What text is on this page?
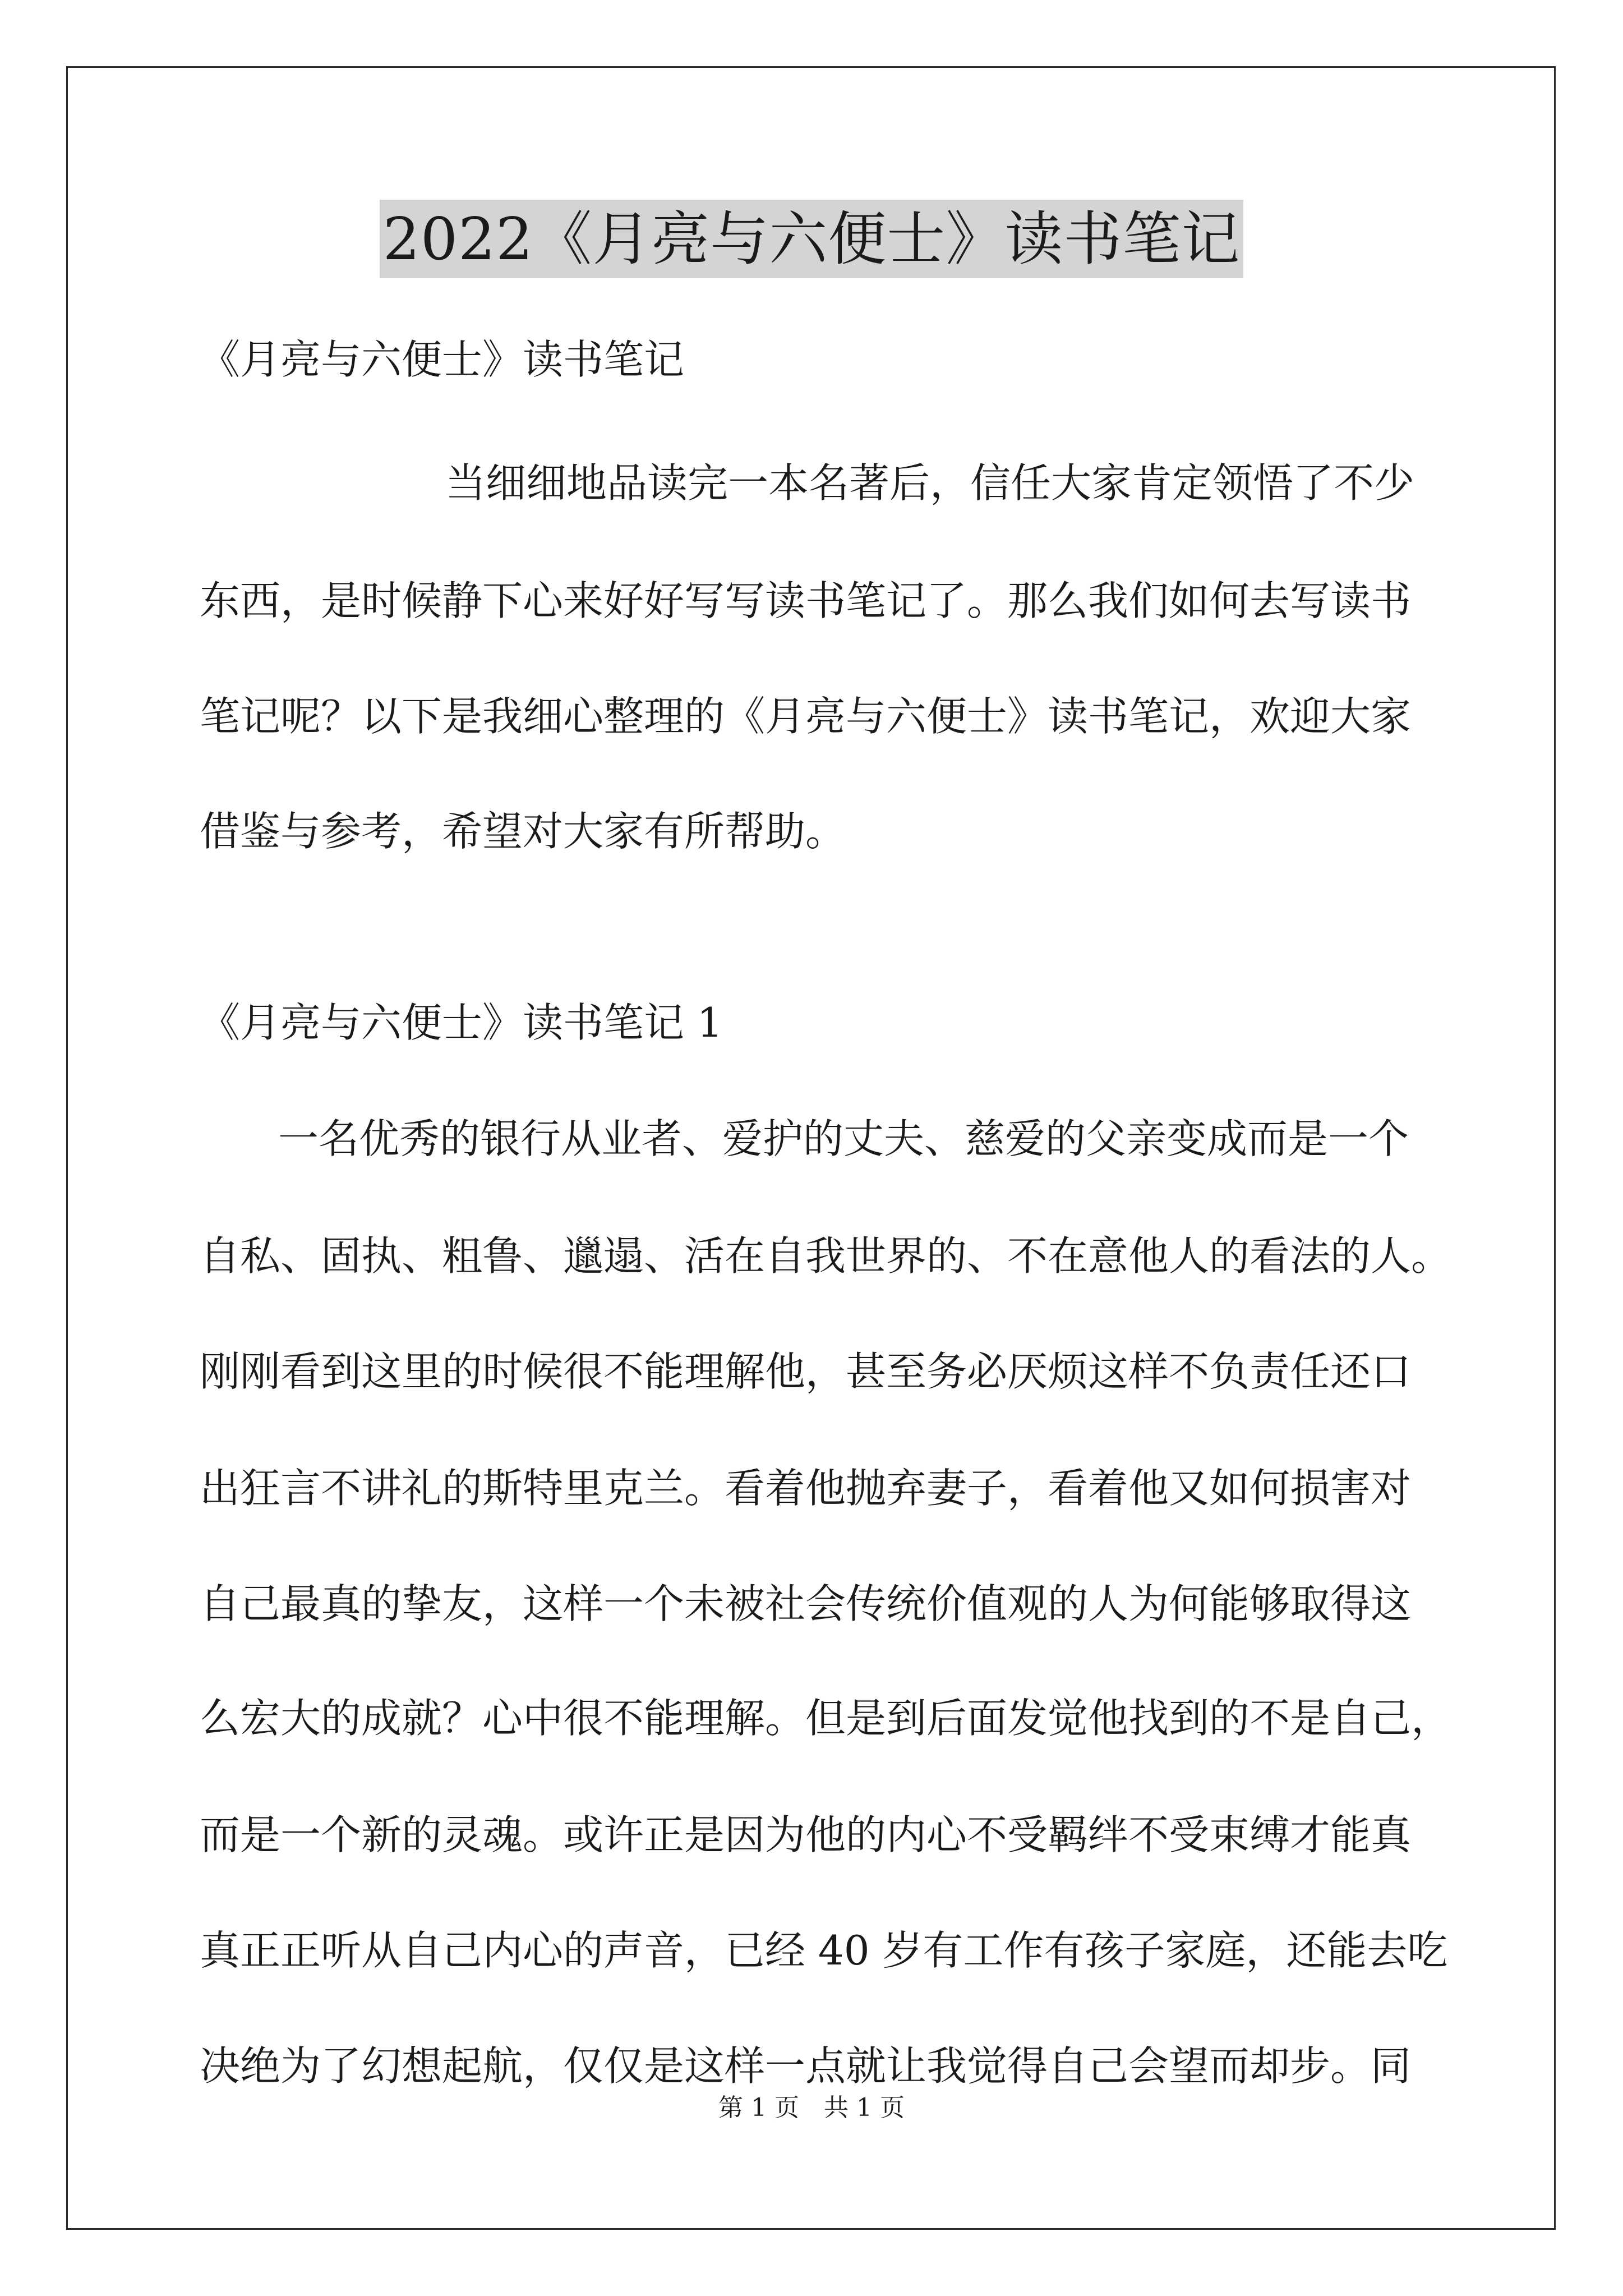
2022《月亮与六便士》读书笔记
《月亮与六便士》读书笔记
当细细地品读完一本名著后，信任大家肯定领悟了不少
东西，是时候静下心来好好写写读书笔记了。那么我们如何去写读书
笔记呢？以下是我细心整理的《月亮与六便士》读书笔记，欢迎大家
借鉴与参考，希望对大家有所帮助。
《月亮与六便士》读书笔记 1
一名优秀的银行从业者、爱护的丈夫、慈爱的父亲变成而是一个
自私、固执、粗鲁、邋遢、活在自我世界的、不在意他人的看法的人。
刚刚看到这里的时候很不能理解他，甚至务必厌烦这样不负责任还口
出狂言不讲礼的斯特里克兰。看着他抛弃妻子，看着他又如何损害对
自己最真的挚友，这样一个未被社会传统价值观的人为何能够取得这
么宏大的成就？心中很不能理解。但是到后面发觉他找到的不是自己，
而是一个新的灵魂。或许正是因为他的内心不受羁绊不受束缚才能真
真正正听从自己内心的声音，已经 40 岁有工作有孩子家庭，还能去吃
决绝为了幻想起航，仅仅是这样一点就让我觉得自己会望而却步。同
第 1 页　共 1 页
